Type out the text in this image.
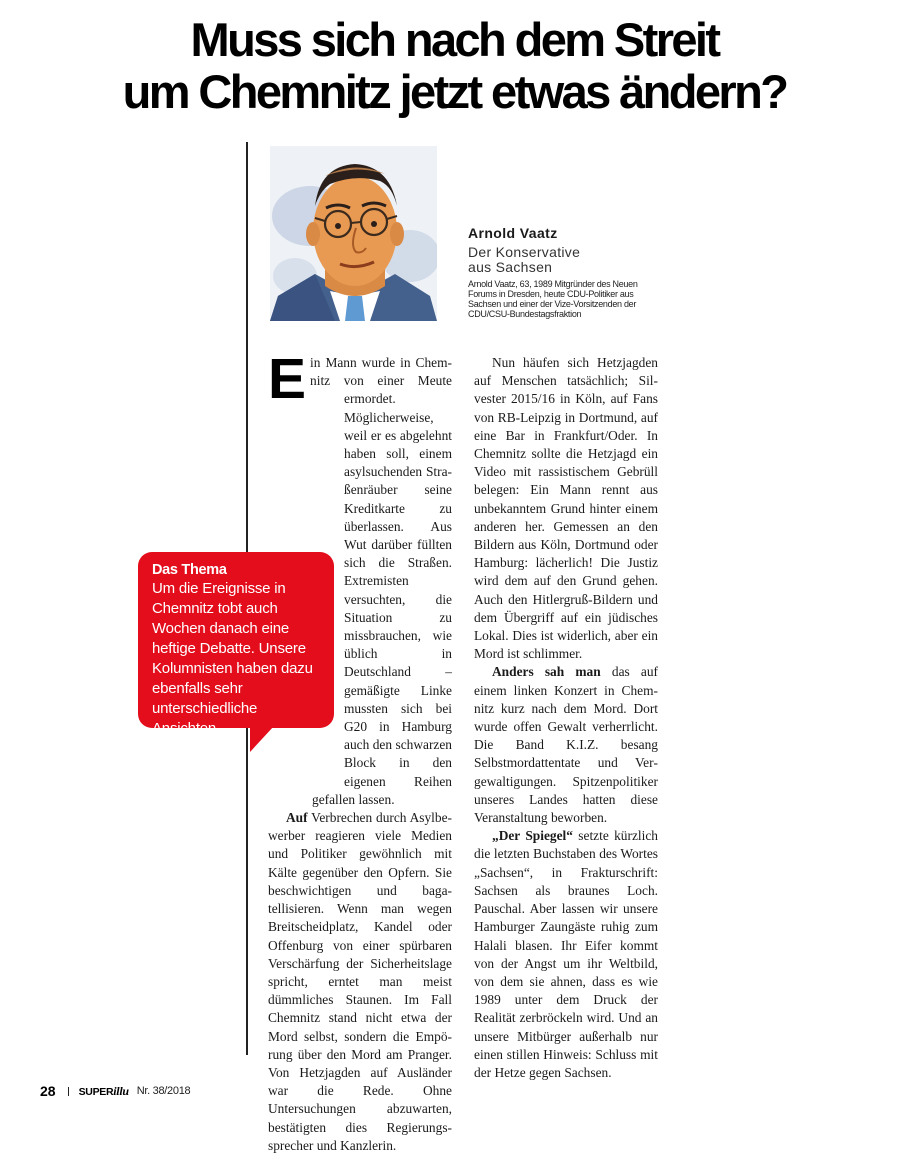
Muss sich nach dem Streit
um Chemnitz jetzt etwas ändern?
Arnold Vaatz
Der Konservative
aus Sachsen
Arnold Vaatz, 63, 1989 Mitgründer des Neuen Forums in Dresden, heute CDU-Politiker aus Sachsen und einer der Vize-Vorsitzenden der CDU/CSU-Bundestagsfraktion
E in Mann wurde in Chemnitz von einer Meute ermordet. Möglicherweise, weil er es abgelehnt haben soll, einem asylsuchenden Straßenräuber seine Kreditkarte zu überlassen. Aus Wut darüber füllten sich die Straßen. Extremisten versuchten, die Situation zu missbrauchen, wie üblich in Deutschland – gemäßigte Linke mussten sich bei G20 in Hamburg auch den schwarzen Block in den eigenen Reihen gefallen lassen.

Auf Verbrechen durch Asylbewerber reagieren viele Medien und Politiker gewöhnlich mit Kälte gegenüber den Opfern. Sie beschwichtigen und bagatellisieren. Wenn man wegen Breitscheidplatz, Kandel oder Offenburg von einer spürbaren Verschärfung der Sicherheitslage spricht, erntet man meist dümmliches Staunen. Im Fall Chemnitz stand nicht etwa der Mord selbst, sondern die Empörung über den Mord am Pranger. Von Hetzjagden auf Ausländer war die Rede. Ohne Untersuchungen abzuwarten, bestätigten dies Regierungssprecher und Kanzlerin.

Nun häufen sich Hetzjagden auf Menschen tatsächlich; Silvester 2015/16 in Köln, auf Fans von RB-Leipzig in Dortmund, auf eine Bar in Frankfurt/Oder. In Chemnitz sollte die Hetzjagd ein Video mit rassistischem Gebrüll belegen: Ein Mann rennt aus unbekanntem Grund hinter einem anderen her. Gemessen an den Bildern aus Köln, Dortmund oder Hamburg: lächerlich! Die Justiz wird dem auf den Grund gehen. Auch den Hitlergruß-Bildern und dem Übergriff auf ein jüdisches Lokal. Dies ist widerlich, aber ein Mord ist schlimmer.

Anders sah man das auf einem linken Konzert in Chemnitz kurz nach dem Mord. Dort wurde offen Gewalt verherrlicht. Die Band K.I.Z. besang Selbstmordattentate und Vergewaltigungen. Spitzenpolitiker unseres Landes hatten diese Veranstaltung beworben.

„Der Spiegel“ setzte kürzlich die letzten Buchstaben des Wortes „Sachsen“, in Frakturschrift: Sachsen als braunes Loch. Pauschal. Aber lassen wir unsere Hamburger Zaungäste ruhig zum Halali blasen. Ihr Eifer kommt von der Angst um ihr Weltbild, von dem sie ahnen, dass es wie 1989 unter dem Druck der Realität zerbröckeln wird. Und an unsere Mitbürger außerhalb nur einen stillen Hinweis: Schluss mit der Hetze gegen Sachsen.

Das Thema
Um die Ereignisse in Chemnitz tobt auch Wochen danach eine heftige Debatte. Unsere Kolumnisten haben dazu ebenfalls sehr unterschiedliche Ansichten
28 SUPERillu Nr. 38/2018
